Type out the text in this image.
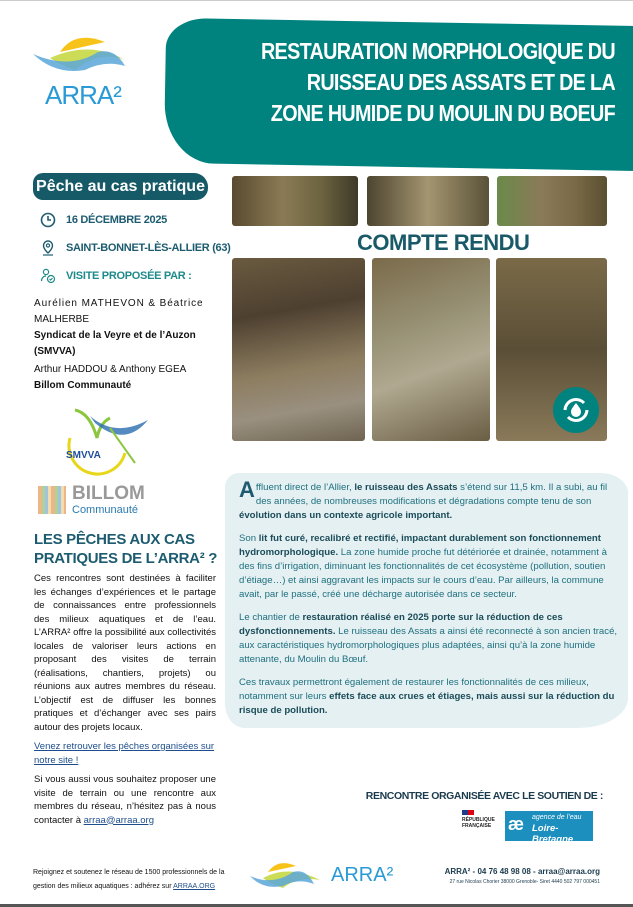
ARRA²
RESTAURATION MORPHOLOGIQUE DU RUISSEAU DES ASSATS ET DE LA ZONE HUMIDE DU MOULIN DU BOEUF
Pêche au cas pratique
16 DÉCEMBRE 2025
SAINT-BONNET-LÈS-ALLIER (63)
VISITE PROPOSÉE PAR :
Aurélien MATHEVON & Béatrice
MALHERBE
Syndicat de la Veyre et de l’Auzon (SMVVA)
Arthur HADDOU & Anthony EGEA
Billom Communauté
SMVVA
BILLOM
Communauté
LES PÊCHES AUX CAS
PRATIQUES DE L’ARRA² ?
Ces rencontres sont destinées à faciliter les échanges d’expériences et le partage de connaissances entre professionnels des milieux aquatiques et de l’eau. L’ARRA² offre la possibilité aux collectivités locales de valoriser leurs actions en proposant des visites de terrain (réalisations, chantiers, projets) ou réunions aux autres membres du réseau. L’objectif est de diffuser les bonnes pratiques et d’échanger avec ses pairs autour des projets locaux.
Venez retrouver les pêches organisées sur notre site !
Si vous aussi vous souhaitez proposer une visite de terrain ou une rencontre aux membres du réseau, n’hésitez pas à nous contacter à arraa@arraa.org
COMPTE RENDU
Affluent direct de l’Allier, le ruisseau des Assats s’étend sur 11,5 km. Il a subi, au fil des années, de nombreuses modifications et dégradations compte tenu de son évolution dans un contexte agricole important.
Son lit fut curé, recalibré et rectifié, impactant durablement son fonctionnement hydromorphologique. La zone humide proche fut détériorée et drainée, notamment à des fins d’irrigation, diminuant les fonctionnalités de cet écosystème (pollution, soutien d’étiage…) et ainsi aggravant les impacts sur le cours d’eau. Par ailleurs, la commune avait, par le passé, créé une décharge autorisée dans ce secteur.
Le chantier de restauration réalisé en 2025 porte sur la réduction de ces dysfonctionnements. Le ruisseau des Assats a ainsi été reconnecté à son ancien tracé, aux caractéristiques hydromorphologiques plus adaptées, ainsi qu’à la zone humide attenante, du Moulin du Bœuf.
Ces travaux permettront également de restaurer les fonctionnalités de ces milieux, notamment sur leurs effets face aux crues et étiages, mais aussi sur la réduction du risque de pollution.
RENCONTRE ORGANISÉE AVEC LE SOUTIEN DE :
RÉPUBLIQUE
FRANÇAISE æ agence de l’eau
Loire-Bretagne
Rejoignez et soutenez le réseau de 1500 professionnels de la gestion des milieux aquatiques : adhérez sur ARRAA.ORG
ARRA²	ARRA² - 04 76 48 98 08 - arraa@arraa.org
27 rue Nicolas Chorier 38000 Grenoble- Siret 4440 502 797 000451
